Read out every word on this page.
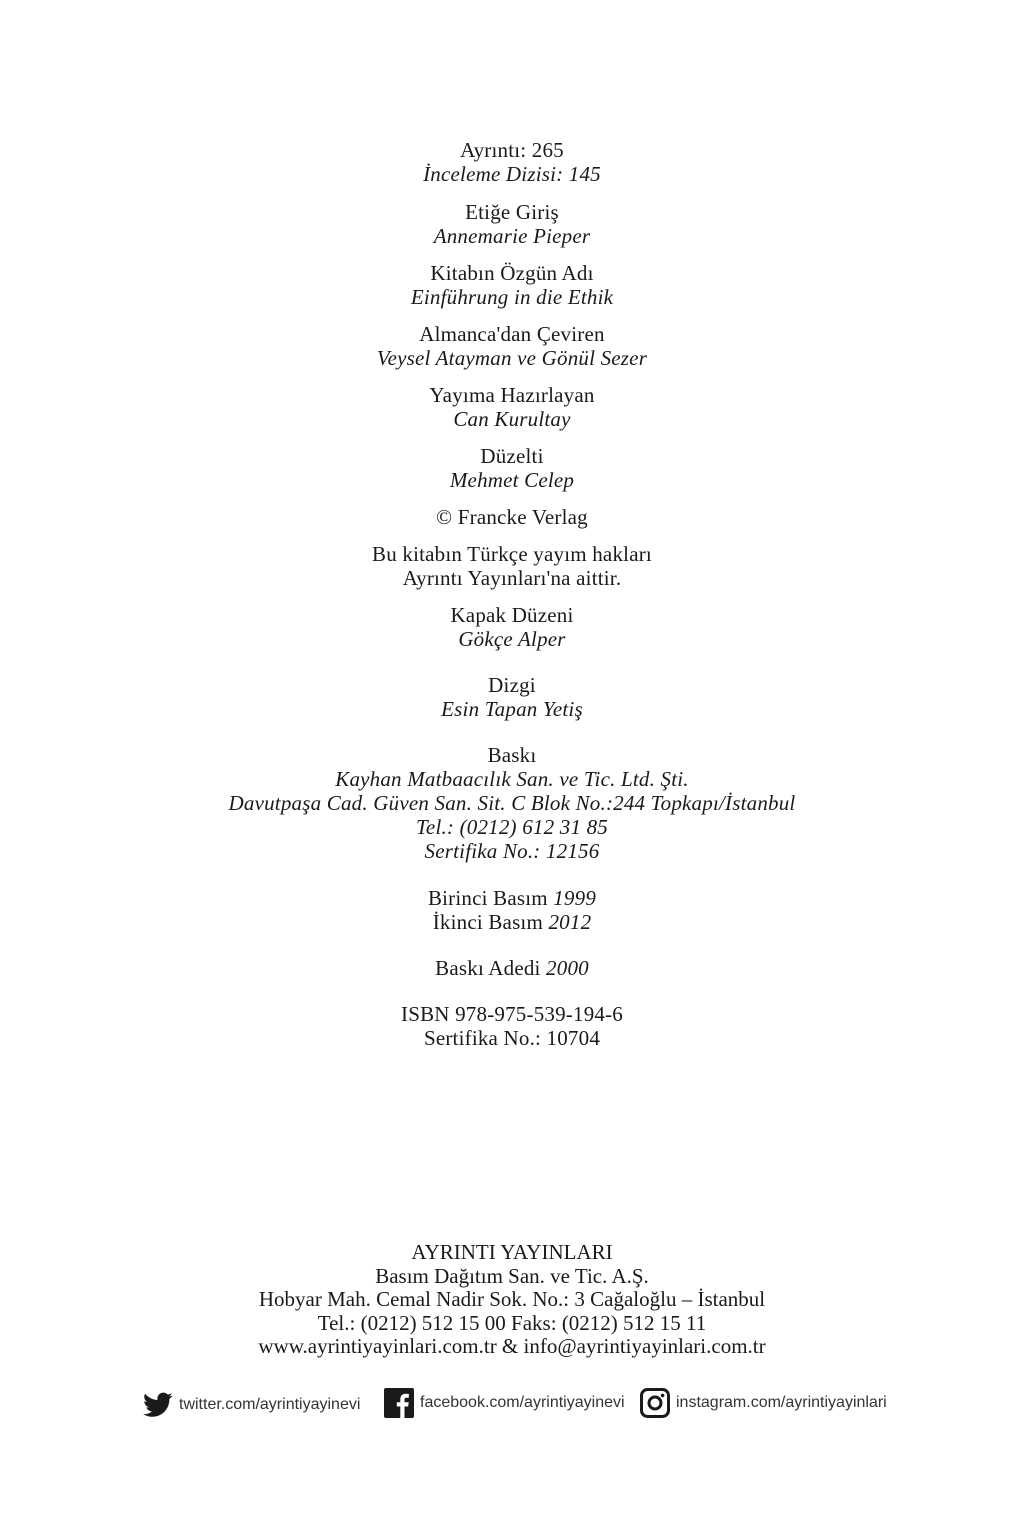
Ayrıntı: 265
İnceleme Dizisi: 145
Etiğe Giriş
Annemarie Pieper
Kitabın Özgün Adı
Einführung in die Ethik
Almanca'dan Çeviren
Veysel Atayman ve Gönül Sezer
Yayıma Hazırlayan
Can Kurultay
Düzelti
Mehmet Celep
© Francke Verlag
Bu kitabın Türkçe yayım hakları
Ayrıntı Yayınları'na aittir.
Kapak Düzeni
Gökçe Alper
Dizgi
Esin Tapan Yetiş
Baskı
Kayhan Matbaacılık San. ve Tic. Ltd. Şti.
Davutpaşa Cad. Güven San. Sit. C Blok No.:244 Topkapı/İstanbul
Tel.: (0212) 612 31 85
Sertifika No.: 12156
Birinci Basım 1999
İkinci Basım 2012
Baskı Adedi 2000
ISBN 978-975-539-194-6
Sertifika No.: 10704
AYRINTI YAYINLARI
Basım Dağıtım San. ve Tic. A.Ş.
Hobyar Mah. Cemal Nadir Sok. No.: 3 Cağaloğlu – İstanbul
Tel.: (0212) 512 15 00 Faks: (0212) 512 15 11
www.ayrintiyayinlari.com.tr & info@ayrintiyayinlari.com.tr
twitter.com/ayrintiyayinevi	facebook.com/ayrintiyayinevi	instagram.com/ayrintiyayinlari
